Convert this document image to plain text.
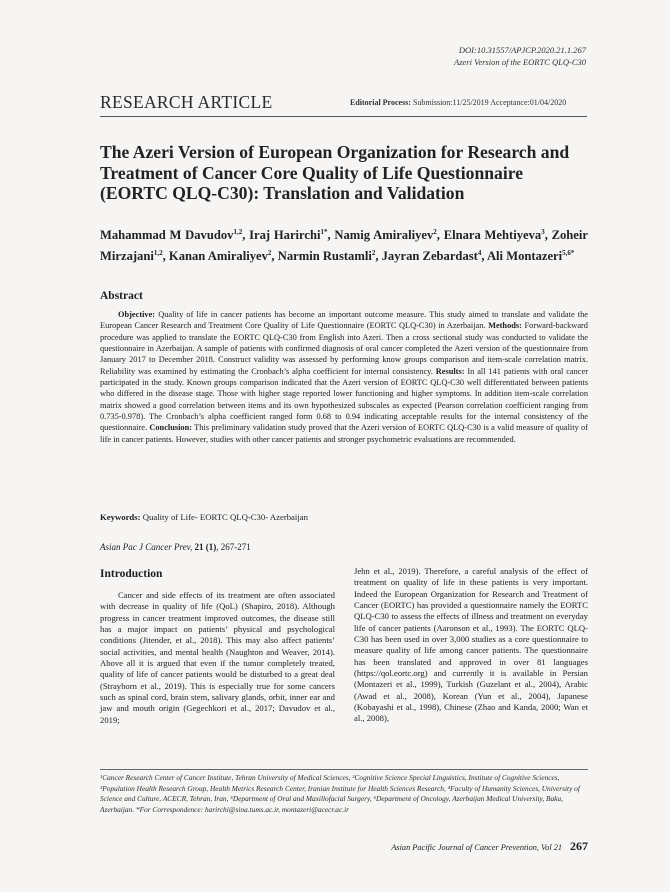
DOI:10.31557/APJCP.2020.21.1.267
Azeri Version of the EORTC QLQ-C30
RESEARCH ARTICLE	Editorial Process: Submission:11/25/2019 Acceptance:01/04/2020
The Azeri Version of European Organization for Research and Treatment of Cancer Core Quality of Life Questionnaire (EORTC QLQ-C30): Translation and Validation

Mahammad M Davudov$^{1,2}$, Iraj Harirchi$^{1*}$, Namig Amiraliyev$^2$, Elnara Mehtiyeva$^3$, Zoheir Mirzajani$^{1,2}$, Kanan Amiraliyev$^2$, Narmin Rustamli$^2$, Jayran Zebardast$^4$, Ali Montazeri$^{5,6*}$

Abstract

Objective: Quality of life in cancer patients has become an important outcome measure. This study aimed to translate and validate the European Cancer Research and Treatment Core Quality of Life Questionnaire (EORTC QLQ-C30) in Azerbaijan. Methods: Forward-backward procedure was applied to translate the EORTC QLQ-C30 from English into Azeri. Then a cross sectional study was conducted to validate the questionnaire in Azerbaijan. A sample of patients with confirmed diagnosis of oral cancer completed the Azeri version of the questionnaire from January 2017 to December 2018. Construct validity was assessed by performing know groups comparison and item-scale correlation matrix. Reliability was examined by estimating the Cronbach’s alpha coefficient for internal consistency. Results: In all 141 patients with oral cancer participated in the study. Known groups comparison indicated that the Azeri version of EORTC QLQ-C30 well differentiated between patients who differed in the disease stage. Those with higher stage reported lower functioning and higher symptoms. In addition item-scale correlation matrix showed a good correlation between items and its own hypothesized subscales as expected (Pearson correlation coefficient ranging from 0.735-0.978). The Cronbach’s alpha coefficient ranged form 0.68 to 0.94 indicating acceptable results for the internal consistency of the questionnaire. Conclusion: This preliminary validation study proved that the Azeri version of EORTC QLQ-C30 is a valid measure of quality of life in cancer patients. However, studies with other cancer patients and stronger psychometric evaluations are recommended.

Keywords: Quality of Life- EORTC QLQ-C30- Azerbaijan

Asian Pac J Cancer Prev, 21 (1), 267-271

Introduction

Cancer and side effects of its treatment are often associated with decrease in quality of life (QoL) (Shapiro, 2018). Although progress in cancer treatment improved outcomes, the disease still has a major impact on patients’ physical and psychological conditions (Jitender, et al., 2018). This may also affect patients’ social activities, and mental health (Naughton and Weaver, 2014). Above all it is argued that even if the tumor completely treated, quality of life of cancer patients would be disturbed to a great deal (Strayhorn et al., 2019). This is especially true for some cancers such as spinal cord, brain stem, salivary glands, orbit, inner ear and jaw and mouth origin (Gegechkori et al., 2017; Davudov et al., 2019;

Jehn et al., 2019). Therefore, a careful analysis of the effect of treatment on quality of life in these patients is very important. Indeed the European Organization for Research and Treatment of Cancer (EORTC) has provided a questionnaire namely the EORTC QLQ-C30 to assess the effects of illness and treatment on everyday life of cancer patients (Aaronson et al., 1993). The EORTC QLQ-C30 has been used in over 3,000 studies as a core questionnaire to measure quality of life among cancer patients. The questionnaire has been translated and approved in over 81 languages (https://qol.eortc.org) and currently it is available in Persian (Montazeri et al., 1999), Turkish (Guzelant et al., 2004), Arabic (Awad et al., 2008), Korean (Yun et al., 2004), Japanese (Kobayashi et al., 1998), Chinese (Zhao and Kanda, 2000; Wan et al., 2008),

¹Cancer Research Center of Cancer Institute, Tehran University of Medical Sciences, ²Cognitive Science Special Linguistics, Institute of Cognitive Sciences, ³Population Health Research Group, Health Metrics Research Center, Iranian Institute for Health Sciences Research, ⁴Faculty of Humanity Sciences, University of Science and Culture, ACECR, Tehran, Iran, ⁵Department of Oral and Maxillofacial Surgery, ⁶Department of Oncology, Azerbaijan Medical University, Baku, Azerbaijan. *For Correspondence: harirchi@sina.tums.ac.ir, montazeri@acecr.ac.ir

Asian Pacific Journal of Cancer Prevention, Vol 21 267
